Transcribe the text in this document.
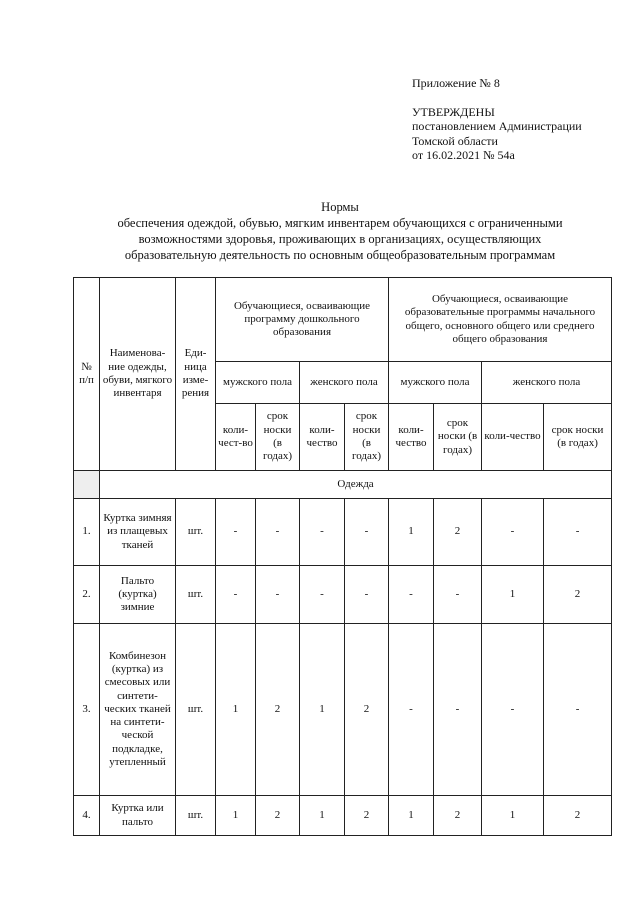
Приложение № 8
УТВЕРЖДЕНЫ
постановлением Администрации
Томской области
от 16.02.2021 № 54а
Нормы
обеспечения одеждой, обувью, мягким инвентарем обучающихся с ограниченными
возможностями здоровья, проживающих в организациях, осуществляющих
образовательную деятельность по основным общеобразовательным программам
№ п/п	Наименова-ние одежды, обуви, мягкого инвентаря	Еди-ница изме-рения	Обучающиеся, осваивающие программу дошкольного образования				Обучающиеся, осваивающие образовательные программы начального общего, основного общего или среднего общего образования			
			мужского пола		женского пола		мужского пола		женского пола	
			коли-чест-во	срок носки (в годах)	коли-чество	срок носки (в годах)	коли-чество	срок носки (в годах)	коли-чество	срок носки (в годах)
	Одежда									
1.	Куртка зимняя из плащевых тканей	шт.	-	-	-	-	1	2	-	-
2.	Пальто (куртка) зимние	шт.	-	-	-	-	-	-	1	2
3.	Комбинезон (куртка) из смесовых или синтети-ческих тканей на синтети-ческой подкладке, утепленный	шт.	1	2	1	2	-	-	-	-
4.	Куртка или пальто	шт.	1	2	1	2	1	2	1	2
